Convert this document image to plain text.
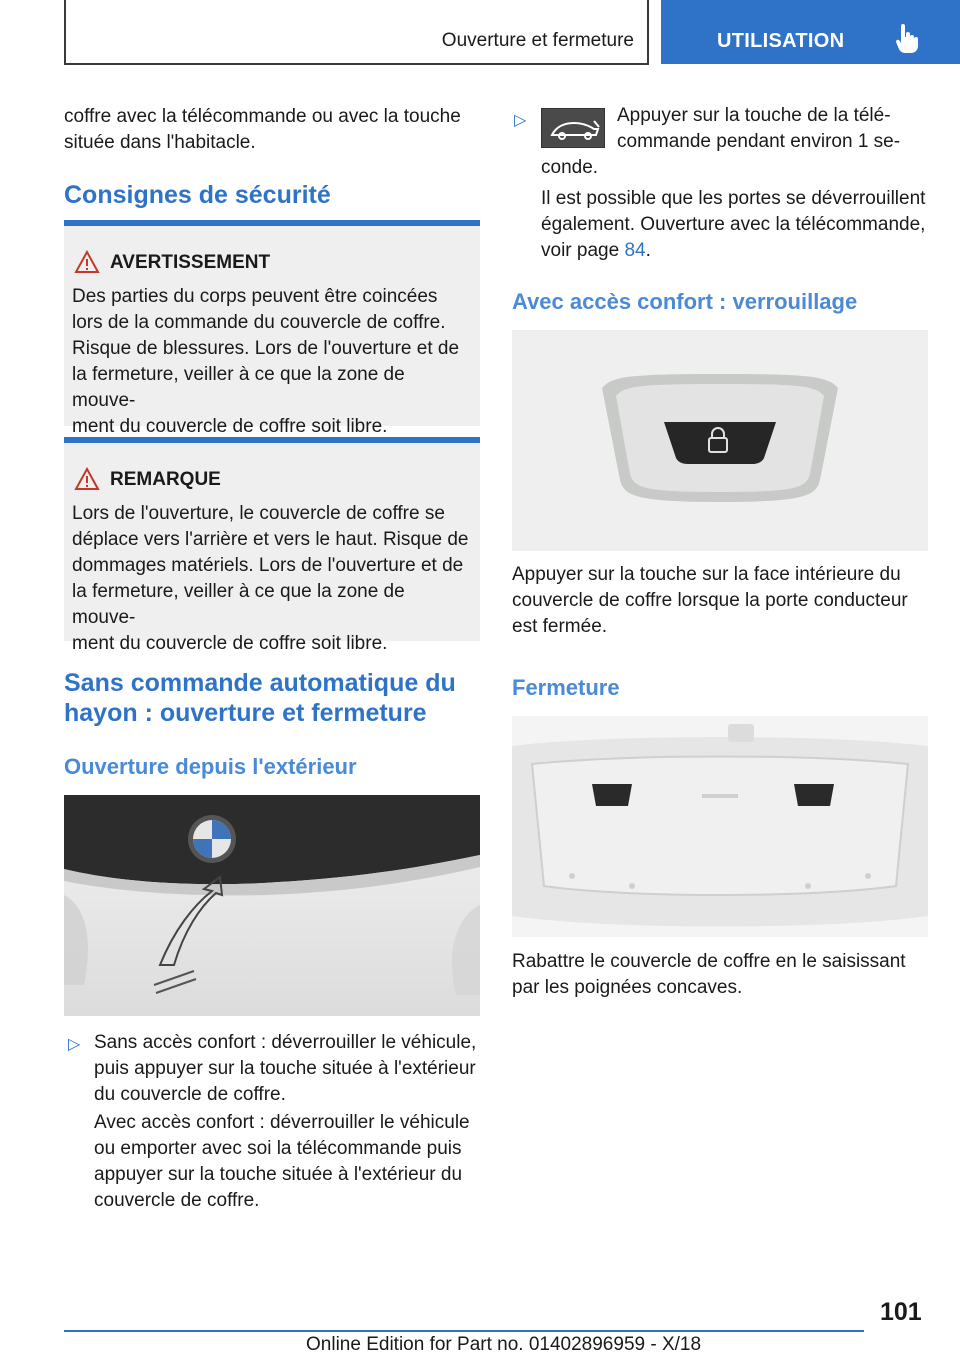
Ouverture et fermeture	UTILISATION
coffre avec la télécommande ou avec la touche
située dans l'habitacle.
Consignes de sécurité
AVERTISSEMENT
Des parties du corps peuvent être coincées
lors de la commande du couvercle de coffre.
Risque de blessures. Lors de l'ouverture et de
la fermeture, veiller à ce que la zone de mouve‐
ment du couvercle de coffre soit libre.
REMARQUE
Lors de l'ouverture, le couvercle de coffre se
déplace vers l'arrière et vers le haut. Risque de
dommages matériels. Lors de l'ouverture et de
la fermeture, veiller à ce que la zone de mouve‐
ment du couvercle de coffre soit libre.
Sans commande automatique du
hayon : ouverture et fermeture
Ouverture depuis l'extérieur
▷ Sans accès confort : déverrouiller le véhicule,
puis appuyer sur la touche située à l'extérieur
du couvercle de coffre.
Avec accès confort : déverrouiller le véhicule
ou emporter avec soi la télécommande puis
appuyer sur la touche située à l'extérieur du
couvercle de coffre.
▷	Appuyer sur la touche de la télé‐
commande pendant environ 1 se‐
conde.
Il est possible que les portes se déverrouillent
également. Ouverture avec la télécommande,
voir page 84.
Avec accès confort : verrouillage
Appuyer sur la touche sur la face intérieure du
couvercle de coffre lorsque la porte conducteur
est fermée.
Fermeture
Rabattre le couvercle de coffre en le saisissant
par les poignées concaves.
101
Online Edition for Part no. 01402896959 - X/18
